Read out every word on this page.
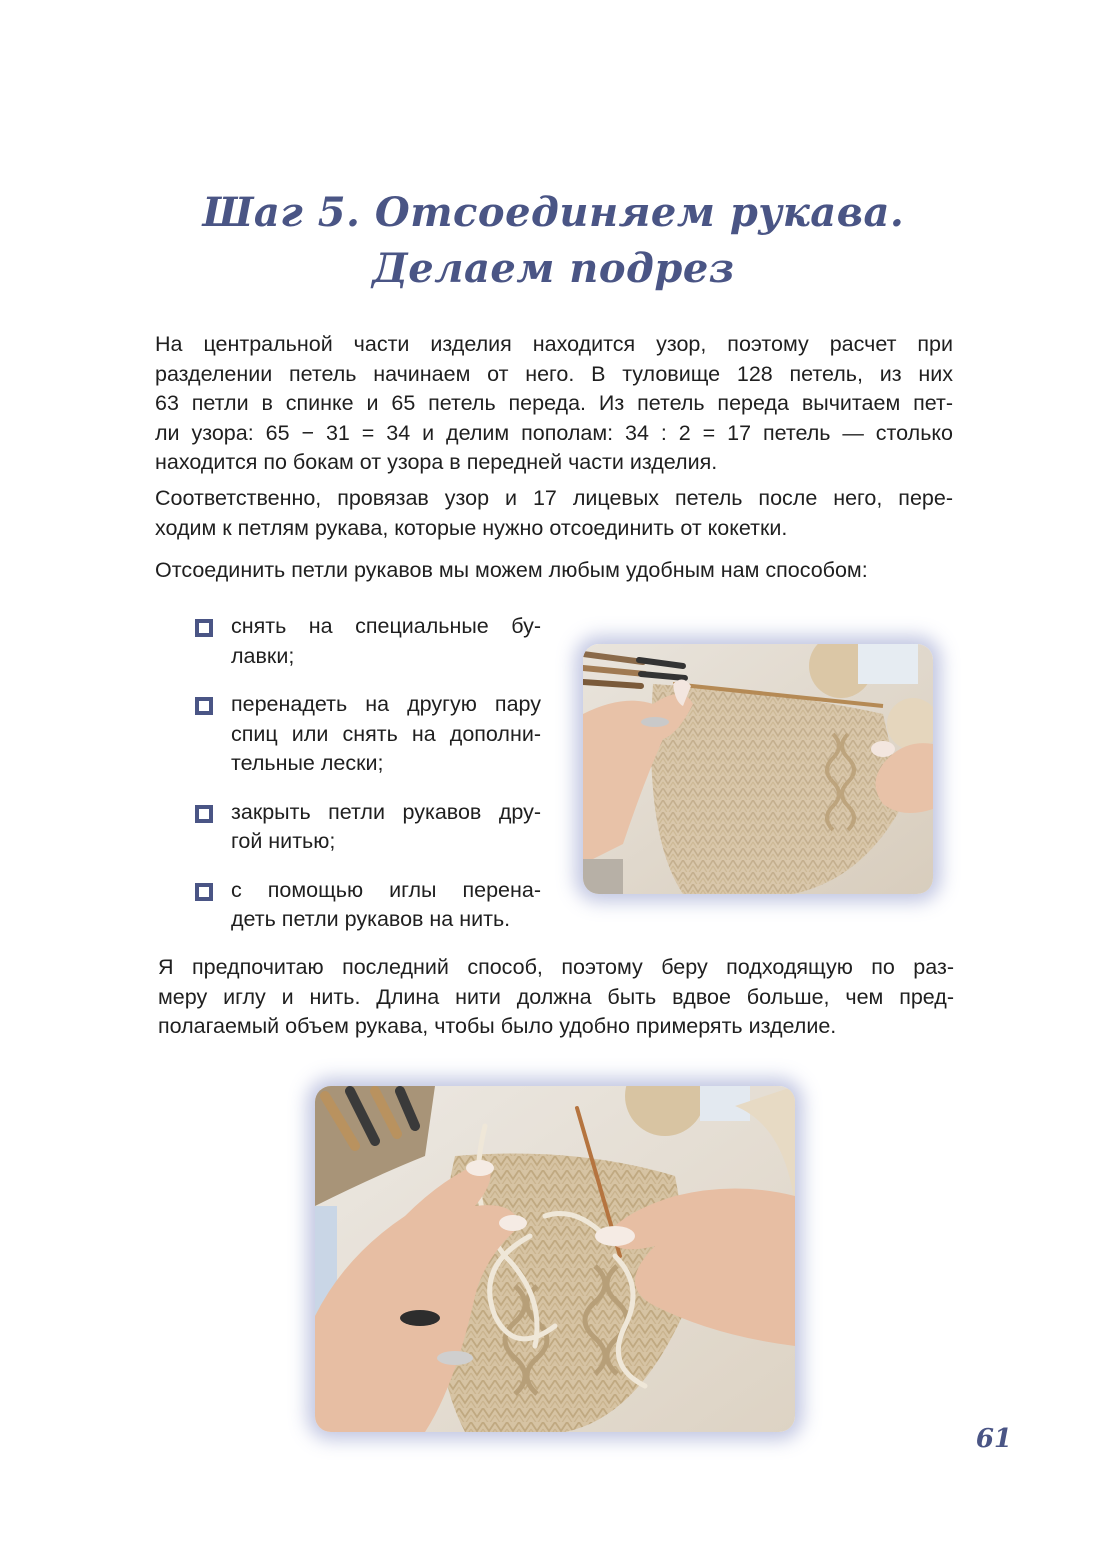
Шаг 5. Отсоединяем рукава.
Делаем подрез

На центральной части изделия находится узор, поэтому расчет при
разделении петель начинаем от него. В туловище 128 петель, из них
63 петли в спинке и 65 петель переда. Из петель переда вычитаем пет-
ли узора: 65 − 31 = 34 и делим пополам: 34 : 2 = 17 петель — столько
находится по бокам от узора в передней части изделия.

Соответственно, провязав узор и 17 лицевых петель после него, пере-
ходим к петлям рукава, которые нужно отсоединить от кокетки.

Отсоединить петли рукавов мы можем любым удобным нам способом:

снять на специальные бу-
лавки;
перенадеть на другую пару
спиц или снять на дополни-
тельные лески;
закрыть петли рукавов дру-
гой нитью;
с помощью иглы перена-
деть петли рукавов на нить.

Я предпочитаю последний способ, поэтому беру подходящую по раз-
меру иглу и нить. Длина нити должна быть вдвое больше, чем пред-
полагаемый объем рукава, чтобы было удобно примерять изделие.

61
